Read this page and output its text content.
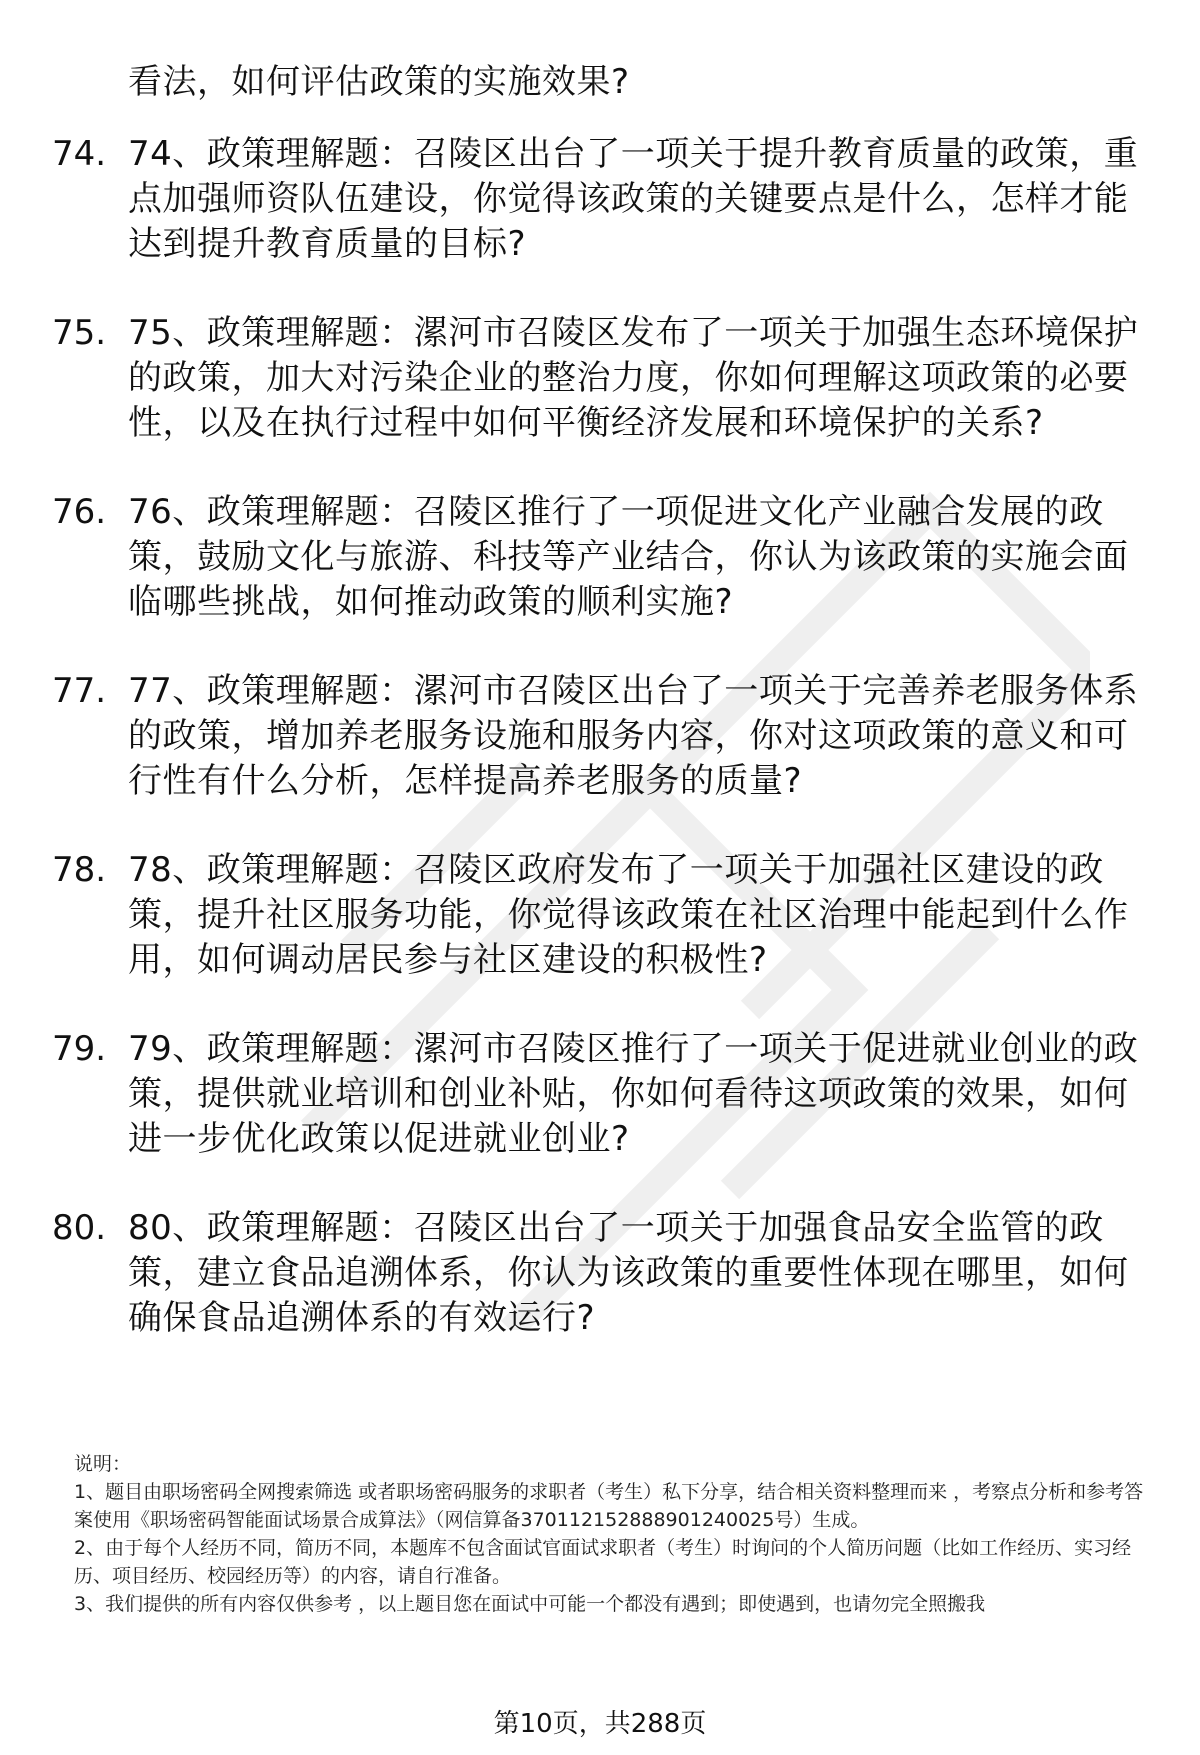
看法，如何评估政策的实施效果?
74. 74、政策理解题：召陵区出台了一项关于提升教育质量的政策，重点加强师资队伍建设，你觉得该政策的关键要点是什么，怎样才能达到提升教育质量的目标?
75. 75、政策理解题：漯河市召陵区发布了一项关于加强生态环境保护的政策，加大对污染企业的整治力度，你如何理解这项政策的必要性，以及在执行过程中如何平衡经济发展和环境保护的关系?
76. 76、政策理解题：召陵区推行了一项促进文化产业融合发展的政策，鼓励文化与旅游、科技等产业结合，你认为该政策的实施会面临哪些挑战，如何推动政策的顺利实施?
77. 77、政策理解题：漯河市召陵区出台了一项关于完善养老服务体系的政策，增加养老服务设施和服务内容，你对这项政策的意义和可行性有什么分析，怎样提高养老服务的质量?
78. 78、政策理解题：召陵区政府发布了一项关于加强社区建设的政策，提升社区服务功能，你觉得该政策在社区治理中能起到什么作用，如何调动居民参与社区建设的积极性?
79. 79、政策理解题：漯河市召陵区推行了一项关于促进就业创业的政策，提供就业培训和创业补贴，你如何看待这项政策的效果，如何进一步优化政策以促进就业创业?
80. 80、政策理解题：召陵区出台了一项关于加强食品安全监管的政策，建立食品追溯体系，你认为该政策的重要性体现在哪里，如何确保食品追溯体系的有效运行?

说明：

1、题目由职场密码全网搜索筛选 或者职场密码服务的求职者（考生）私下分享，结合相关资料整理而来 ，考察点分析和参考答案使用《职场密码智能面试场景合成算法》（网信算备370112152888901240025号）生成。

2、由于每个人经历不同，简历不同，本题库不包含面试官面试求职者（考生）时询问的个人简历问题（比如工作经历、实习经历、项目经历、校园经历等）的内容，请自行准备。

3、我们提供的所有内容仅供参考 ，以上题目您在面试中可能一个都没有遇到；即使遇到，也请勿完全照搬我

第10页，共288页
